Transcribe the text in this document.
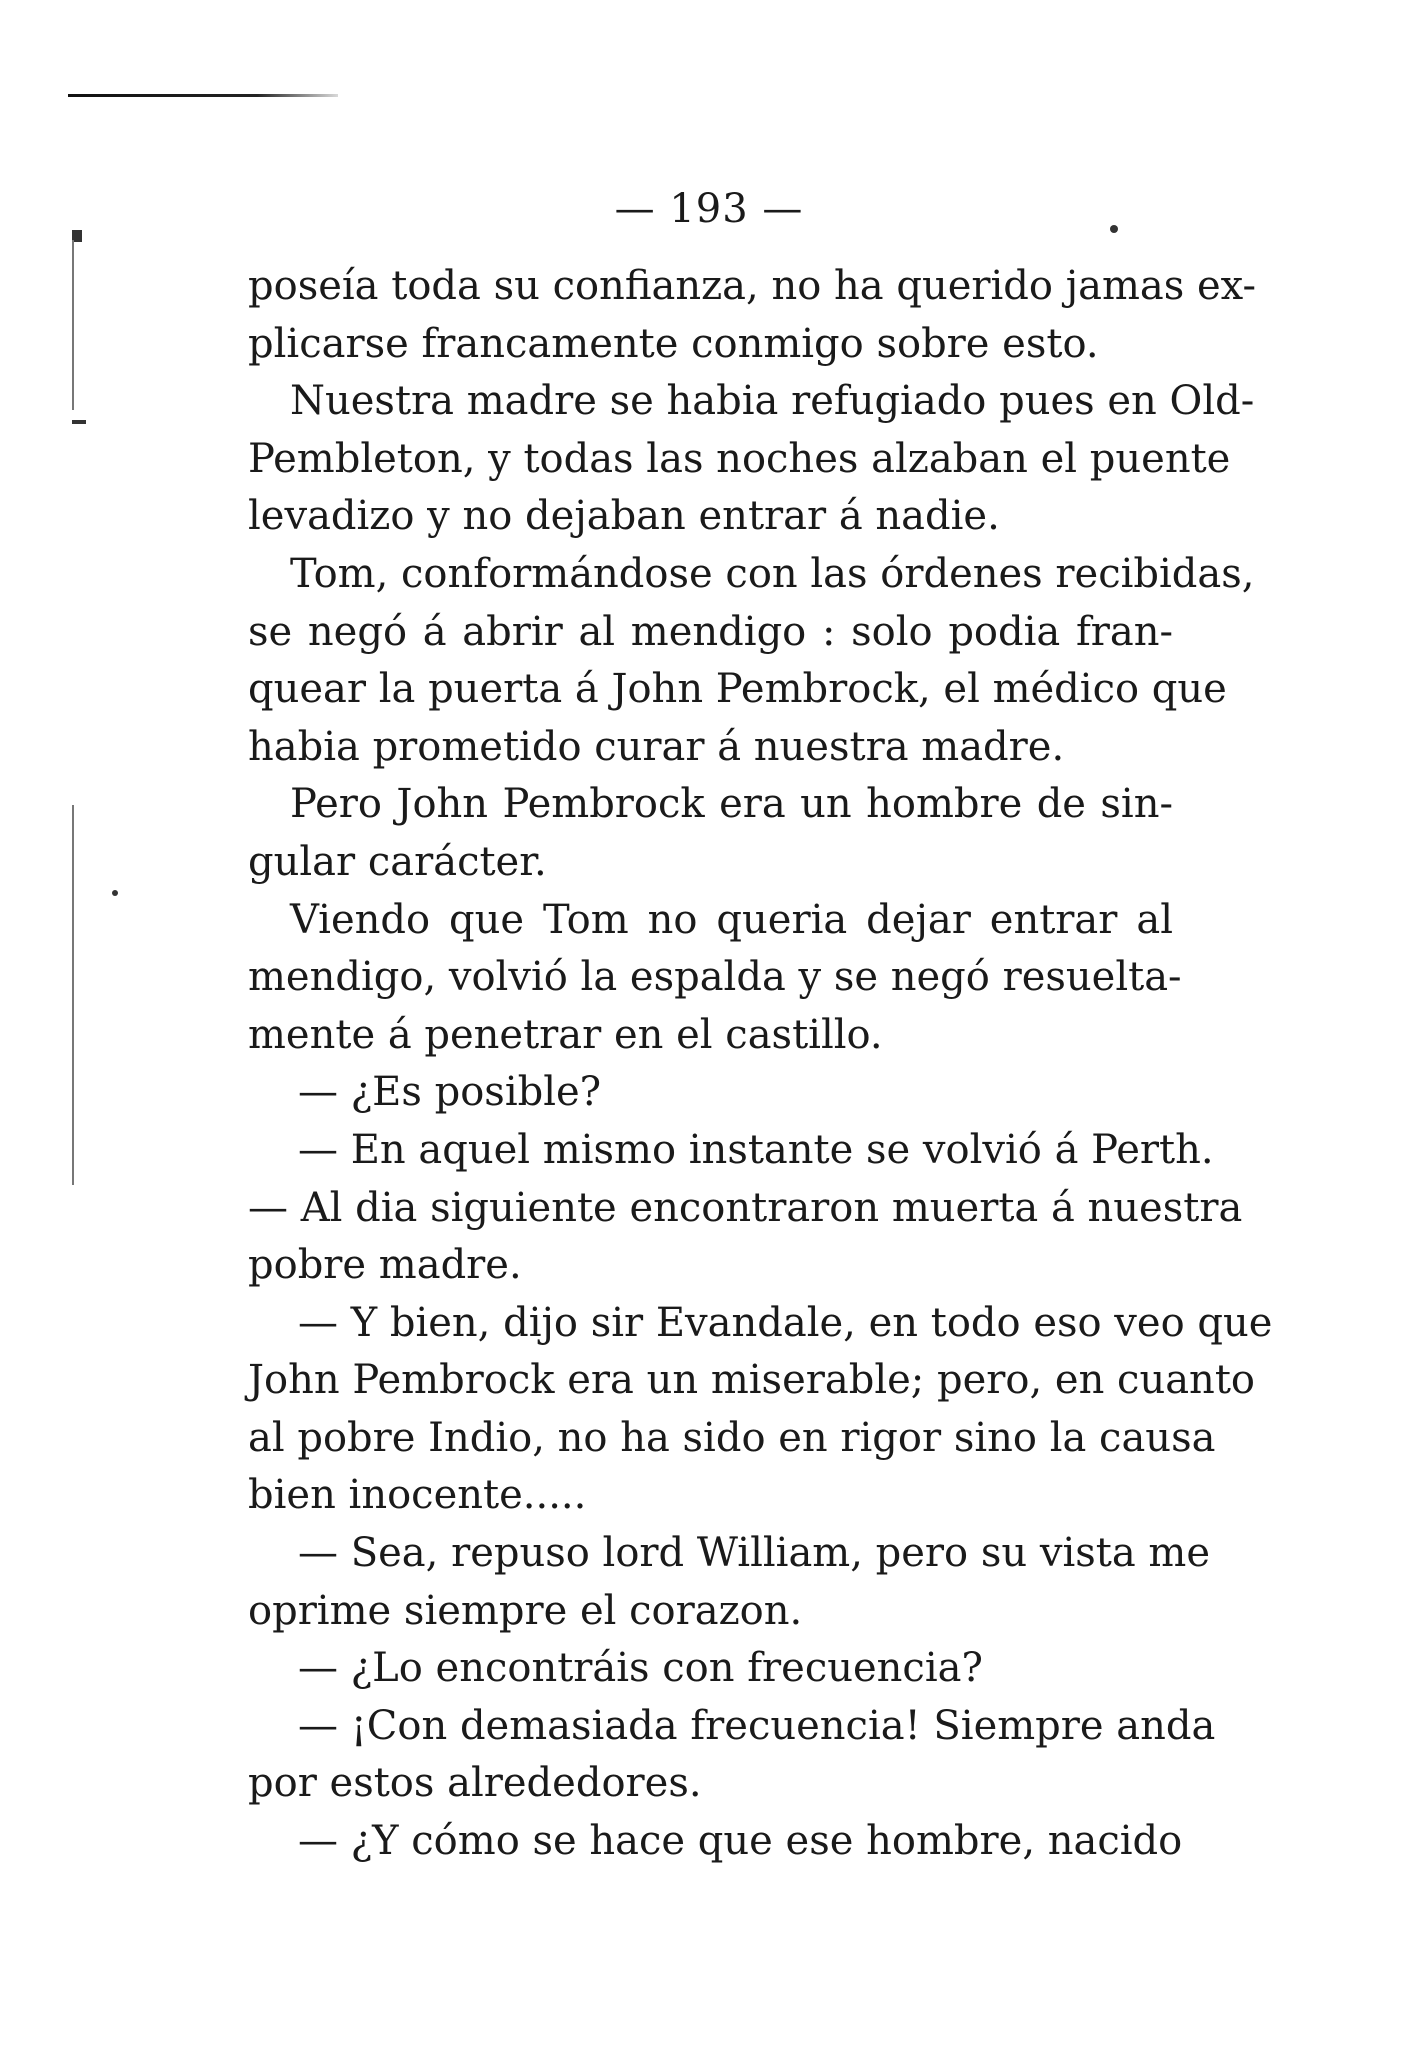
— 193 —
poseía toda su confianza, no ha querido jamas ex-
plicarse francamente conmigo sobre esto.
Nuestra madre se habia refugiado pues en Old-
Pembleton, y todas las noches alzaban el puente
levadizo y no dejaban entrar á nadie.
Tom, conformándose con las órdenes recibidas,
se negó á abrir al mendigo : solo podia fran-
quear la puerta á John Pembrock, el médico que
habia prometido curar á nuestra madre.
Pero John Pembrock era un hombre de sin-
gular carácter.
Viendo que Tom no queria dejar entrar al
mendigo, volvió la espalda y se negó resuelta-
mente á penetrar en el castillo.
— ¿Es posible?
— En aquel mismo instante se volvió á Perth.
— Al dia siguiente encontraron muerta á nuestra
pobre madre.
— Y bien, dijo sir Evandale, en todo eso veo que
John Pembrock era un miserable; pero, en cuanto
al pobre Indio, no ha sido en rigor sino la causa
bien inocente.....
— Sea, repuso lord William, pero su vista me
oprime siempre el corazon.
— ¿Lo encontráis con frecuencia?
— ¡Con demasiada frecuencia! Siempre anda
por estos alrededores.
— ¿Y cómo se hace que ese hombre, nacido
